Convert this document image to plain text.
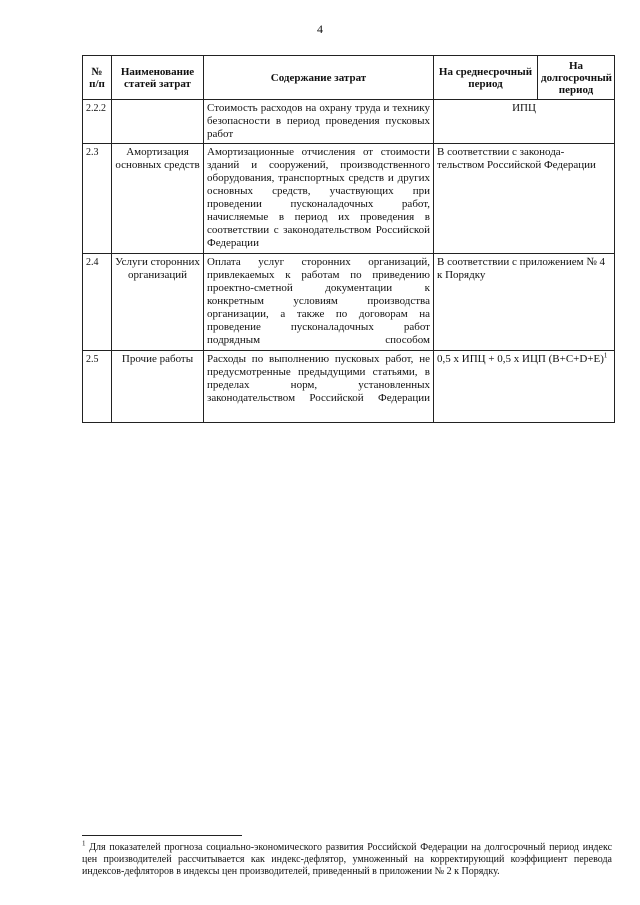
4
№ п/п	Наименование статей затрат	Содержание затрат	На среднесрочный период	На долгосрочный период
2.2.2		Стоимость расходов на охрану труда и технику безопасности в период проведения пусковых работ	ИПЦ	
2.3	Амортизация основных средств	Амортизационные отчисления от стоимости зданий и сооружений, производственного оборудования, транспортных средств и других основных средств, участвующих при проведении пусконаладочных работ, начисляемые в период их проведения в соответствии с законодательством Российской Федерации	В соответствии с законода-тельством Российской Федерации	
2.4	Услуги сторонних организаций	Оплата услуг сторонних организаций, привлекаемых к работам по приведению проектно-сметной документации к конкретным условиям производства организации, а также по договорам на проведение пусконаладочных работ подрядным способом	В соответствии с приложением № 4 к Порядку	
2.5	Прочие работы	Расходы по выполнению пусковых работ, не предусмотренные предыдущими статьями, в пределах норм, установленных законодательством Российской Федерации	0,5 х ИПЦ + 0,5 х ИЦП $(B+C+D+E)^1$
$^1$ Для показателей прогноза социально-экономического развития Российской Федерации на долгосрочный период индекс цен производителей рассчитывается как индекс-дефлятор, умноженный на корректирующий коэффициент перевода индексов-дефляторов в индексы цен производителей, приведенный в приложении № 2 к Порядку.
